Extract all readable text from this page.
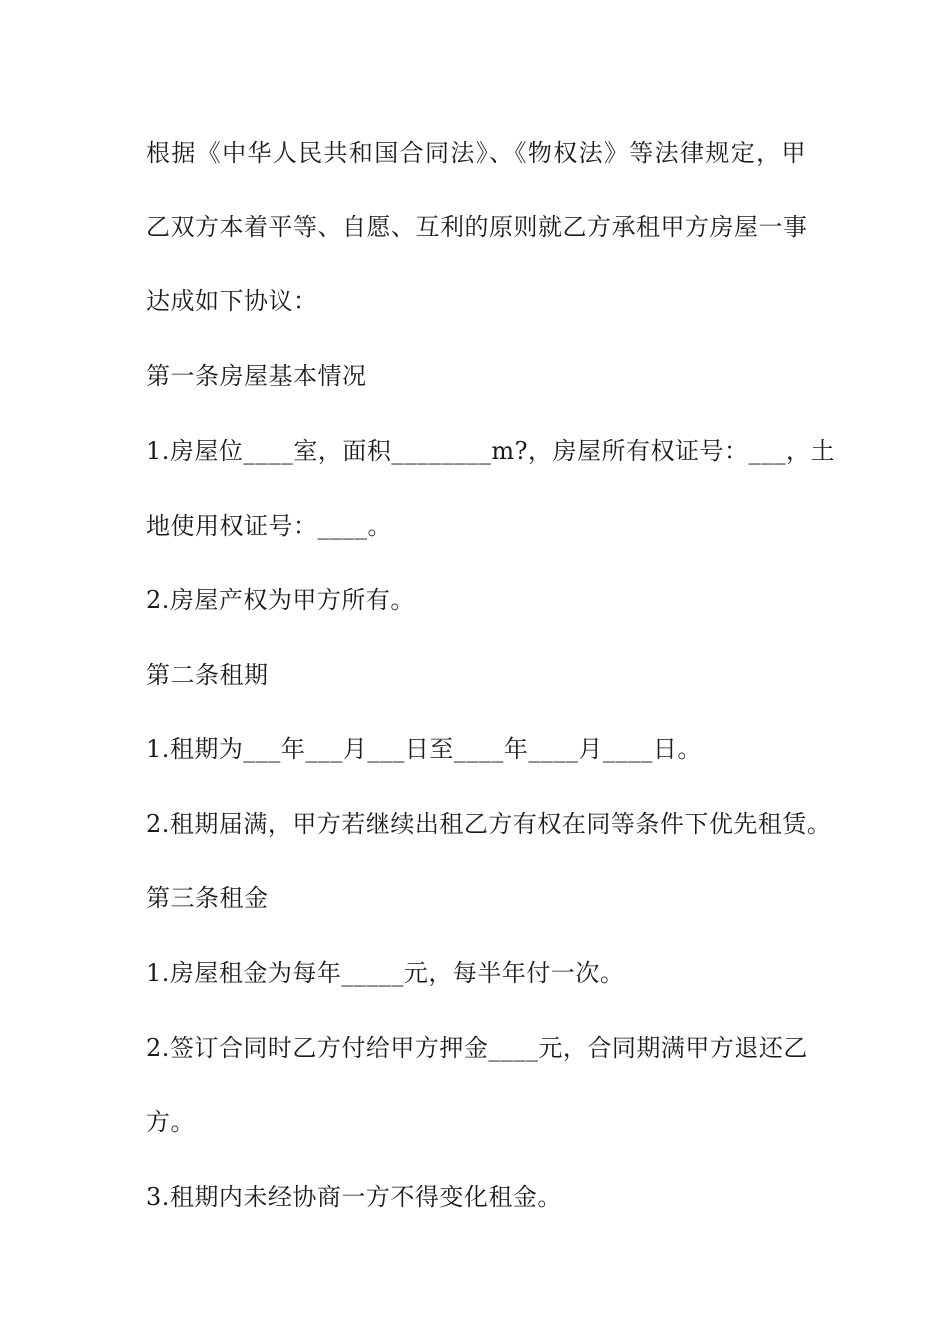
根据《中华人民共和国合同法》、《物权法》等法律规定，甲
乙双方本着平等、自愿、互利的原则就乙方承租甲方房屋一事
达成如下协议：
第一条房屋基本情况
1.房屋位____室，面积________m?，房屋所有权证号：___，土
地使用权证号：____。
2.房屋产权为甲方所有。
第二条租期
1.租期为___年___月___日至____年____月____日。
2.租期届满，甲方若继续出租乙方有权在同等条件下优先租赁。
第三条租金
1.房屋租金为每年_____元，每半年付一次。
2.签订合同时乙方付给甲方押金____元，合同期满甲方退还乙
方。
3.租期内未经协商一方不得变化租金。
